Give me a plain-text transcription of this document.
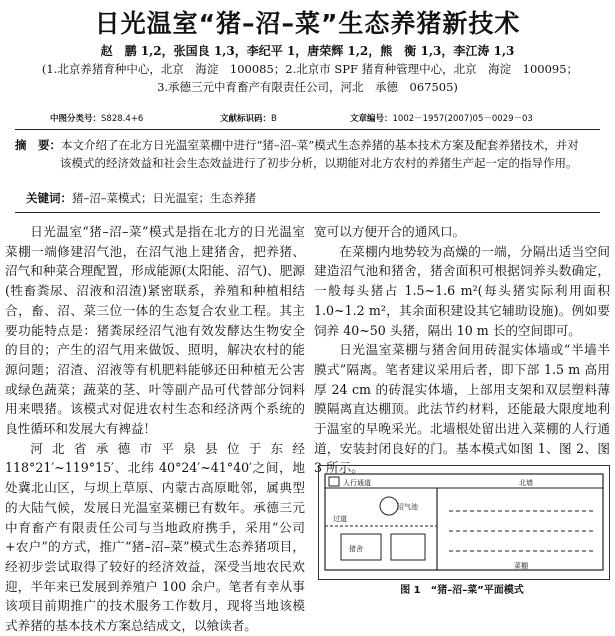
日光温室“猪–沼–菜”生态养猪新技术
赵　鹏 1,2，张国良 1,3，李纪平 1，唐荣辉 1,2，熊　衡 1,3，李江涛 1,3
(1.北京养猪育种中心，北京　海淀　100085；2.北京市 SPF 猪育种管理中心，北京　海淀　100095；
3.承德三元中育畜产有限责任公司，河北　承德　067505)
中图分类号：S828.4+6	文献标识码：B	文章编号：1002－1957(2007)05－0029－03
摘　要：本文介绍了在北方日光温室菜棚中进行“猪–沼–菜”模式生态养猪的基本技术方案及配套养猪技术，并对该模式的经济效益和社会生态效益进行了初步分析，以期能对北方农村的养猪生产起一定的指导作用。
关键词：猪–沼–菜模式；日光温室；生态养猪

日光温室“猪–沼–菜”模式是指在北方的日光温室菜棚一端修建沼气池，在沼气池上建猪舍，把养猪、沼气和种菜合理配置，形成能源(太阳能、沼气)、肥源(牲畜粪尿、沼液和沼渣)紧密联系，养殖和种植相结合，畜、沼、菜三位一体的生态复合农业工程。其主要功能特点是：猪粪尿经沼气池有效发酵达生物安全的目的；产生的沼气用来做饭、照明，解决农村的能源问题；沼渣、沼液等有机肥料能够还田种植无公害或绿色蔬菜；蔬菜的茎、叶等副产品可代替部分饲料用来喂猪。该模式对促进农村生态和经济两个系统的良性循环和发展大有裨益！

河北省承德市平泉县位于东经 118°21′~119°15′、北纬 40°24′~41°40′之间，地处冀北山区，与坝上草原、内蒙古高原毗邻，属典型的大陆气候，发展日光温室菜棚已有数年。承德三元中育畜产有限责任公司与当地政府携手，采用“公司+农户”的方式，推广“猪–沼–菜”模式生态养猪项目，经初步尝试取得了较好的经济效益，深受当地农民欢迎，半年来已发展到养殖户 100 余户。笔者有幸从事该项目前期推广的技术服务工作数月，现将当地该模式养猪的基本技术方案总结成文，以飨读者。

宽可以方便开合的通风口。

在菜棚内地势较为高燥的一端，分隔出适当空间建造沼气池和猪舍，猪舍面积可根据饲养头数确定，一般每头猪占 1.5~1.6 m²(每头猪实际利用面积 1.0~1.2 m²，其余面积建设其它辅助设施)。例如要饲养 40~50 头猪，隔出 10 m 长的空间即可。

日光温室菜棚与猪舍间用砖混实体墙或“半墙半膜式”隔离。笔者建议采用后者，即下部 1.5 m 高用厚 24 cm 的砖混实体墙，上部用支架和双层塑料薄膜隔离直达棚顶。此法节约材料，还能最大限度地利于温室的早晚采光。北墙根处留出进入菜棚的人行通道，安装封闭良好的门。基本模式如图 1、图 2、图 3 所示。

人行通道	北墙
沼气池
猪舍
过道
菜棚
图 1　“猪–沼–菜”平面模式
